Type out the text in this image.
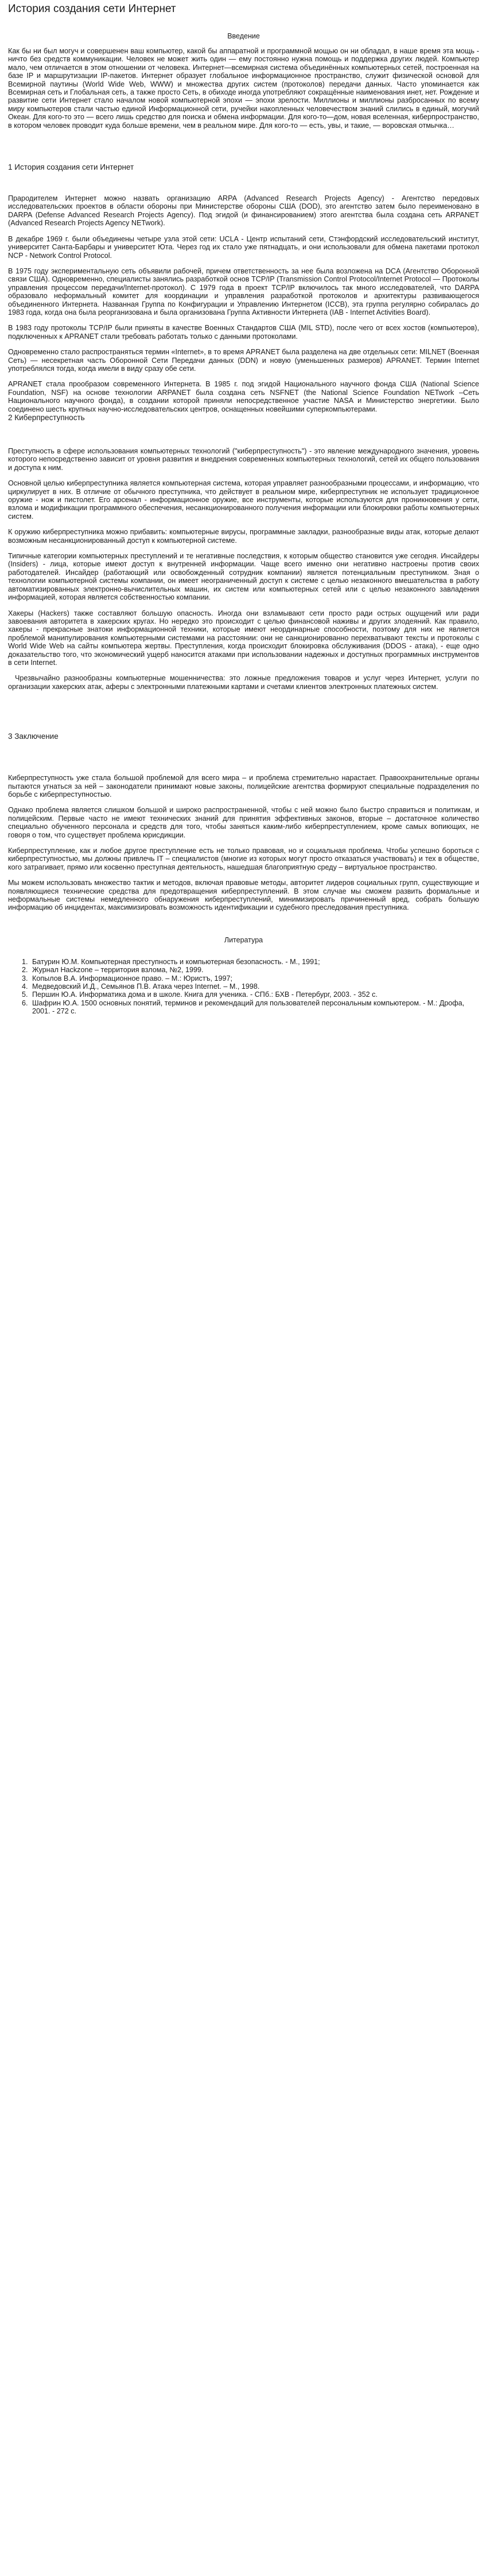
История создания сети Интернет
Введение

Как бы ни был могуч и совершенен ваш компьютер, какой бы аппаратной и программной мощью он ни обладал, в наше время эта мощь - ничто без средств коммуникации. Человек не может жить один — ему постоянно нужна помощь и поддержка других людей. Компьютер мало, чем отличается в этом отношении от человека. Интернет—всемирная система объединённых компьютерных сетей, построенная на базе IP и маршрутизации IP-пакетов. Интернет образует глобальное информационное пространство, служит физической основой для Всемирной паутины (World Wide Web, WWW) и множества других систем (протоколов) передачи данных. Часто упоминается как Всемирная сеть и Глобальная сеть, а также просто Сеть, в обиходе иногда употребляют сокращённые наименования инет, нет. Рождение и развитие сети Интернет стало началом новой компьютерной эпохи — эпохи зрелости. Миллионы и миллионы разбросанных по всему миру компьютеров стали частью единой Информационной сети, ручейки накопленных человечеством знаний слились в единый, могучий Океан. Для кого-то это — всего лишь средство для поиска и обмена информации. Для кого-то—дом, новая вселенная, киберпространство, в котором человек проводит куда больше времени, чем в реальном мире. Для кого-то — есть, увы, и такие, — воровская отмычка…

1 История создания сети Интернет

Прародителем Интернет можно назвать организацию ARPA (Advanced Research Projects Agency) - Агентство передовых исследовательских проектов в области обороны при Министерстве обороны США (DOD), это агентство затем было переименовано в DARPA (Defense Advanced Research Projects Agency). Под эгидой (и финансированием) этого агентства была создана сеть ARPANET (Advanced Research Projects Agency NETwork).

В декабре 1969 г. были объединены четыре узла этой сети: UCLA - Центр испытаний сети, Стэнфордский исследовательский институт, университет Санта-Барбары и университет Юта. Через год их стало уже пятнадцать, и они использовали для обмена пакетами протокол NCP - Network Control Protocol.

В 1975 году экспериментальную сеть объявили рабочей, причем ответственность за нее была возложена на DCA (Агентство Оборонной связи США). Одновременно, специалисты занялись разработкой основ TCP/IP (Transmission Control Protocol/Internet Protocol — Протоколы управления процессом передачи/Internet-протокол). С 1979 года в проект TCP/IP включилось так много исследователей, что DARPA образовало неформальный комитет для координации и управления разработкой протоколов и архитектуры развивающегося объединенного Интернета. Названная Группа по Конфигурации и Управлению Интернетом (ICCB), эта группа регулярно собиралась до 1983 года, когда она была реорганизована и была организована Группа Активности Интернета (IAB - Internet Activities Board).

В 1983 году протоколы TCP/IP были приняты в качестве Военных Стандартов США (MIL STD), после чего от всех хостов (компьютеров), подключенных к APRANET стали требовать работать только с данными протоколами.

Одновременно стало распространяться термин «Internet», в то время APRANET была разделена на две отдельных сети: MILNET (Военная Сеть) — несекретная часть Оборонной Сети Передачи данных (DDN) и новую (уменьшенных размеров) APRANET. Термин Internet употреблялся тогда, когда имели в виду сразу обе сети.

APRANET стала прообразом современного Интернета. В 1985 г. под эгидой Национального научного фонда США (National Science Foundation, NSF) на основе технологии ARPANET была создана сеть NSFNET (the National Science Foundation NETwork –Сеть Национального научного фонда), в создании которой приняли непосредственное участие NASA и Министерство энергетики. Было соединено шесть крупных научно-исследовательских центров, оснащенных новейшими суперкомпьютерами.

2 Киберпреступность

Преступность в сфере использования компьютерных технологий ("киберпреступность") - это явление международного значения, уровень которого непосредственно зависит от уровня развития и внедрения современных компьютерных технологий, сетей их общего пользования и доступа к ним.

Основной целью киберпреступника является компьютерная система, которая управляет разнообразными процессами, и информацию, что циркулирует в них. В отличие от обычного преступника, что действует в реальном мире, киберпреступник не использует традиционное оружие - нож и пистолет. Его арсенал - информационное оружие, все инструменты, которые используются для проникновения у сети, взлома и модификации программного обеспечения, несанкционированного получения информации или блокировки работы компьютерных систем.

К оружию киберпреступника можно прибавить: компьютерные вирусы, программные закладки, разнообразные виды атак, которые делают возможным несанкционированный доступ к компьютерной системе.

Типичные категории компьютерных преступлений и те негативные последствия, к которым общество становится уже сегодня. Инсайдеры (Insiders) - лица, которые имеют доступ к внутренней информации. Чаще всего именно они негативно настроены против своих работодателей. Инсайдер (работающий или освобожденный сотрудник компании) является потенциальным преступником. Зная о технологии компьютерной системы компании, он имеет неограниченный доступ к системе с целью незаконного вмешательства в работу автоматизированных электронно-вычислительных машин, их систем или компьютерных сетей или с целью незаконного завладения информацией, которая является собственностью компании.

Хакеры (Hackers) также составляют большую опасность. Иногда они взламывают сети просто ради острых ощущений или ради завоевания авторитета в хакерских кругах. Но нередко это происходит с целью финансовой наживы и других злодеяний. Как правило, хакеры - прекрасные знатоки информационной техники, которые имеют неординарные способности, поэтому для них не является проблемой манипулирования компьютерными системами на расстоянии: они не санкционированно перехватывают тексты и протоколы с World Wide Web на сайты компьютера жертвы. Преступления, когда происходит блокировка обслуживания (DDOS - атака), - еще одно доказательство того, что экономический ущерб наносится атаками при использовании надежных и доступных программных инструментов в сети Internet.

Чрезвычайно разнообразны компьютерные мошенничества: это ложные предложения товаров и услуг через Интернет, услуги по организации хакерских атак, аферы с электронными платежными картами и счетами клиентов электронных платежных систем.

3 Заключение

Киберпреступность уже стала большой проблемой для всего мира – и проблема стремительно нарастает. Правоохранительные органы пытаются угнаться за ней – законодатели принимают новые законы, полицейские агентства формируют специальные подразделения по борьбе с киберпреступностью.

Однако проблема является слишком большой и широко распространенной, чтобы с ней можно было быстро справиться и политикам, и полицейским. Первые часто не имеют технических знаний для принятия эффективных законов, вторые – достаточное количество специально обученного персонала и средств для того, чтобы заняться каким-либо киберпреступлением, кроме самых вопиющих, не говоря о том, что существует проблема юрисдикции.

Киберпреступление, как и любое другое преступление есть не только правовая, но и социальная проблема. Чтобы успешно бороться с киберпреступностью, мы должны привлечь IT – специалистов (многие из которых могут просто отказаться участвовать) и тех в обществе, кого затрагивает, прямо или косвенно преступная деятельность, нашедшая благоприятную среду – виртуальное пространство.

Мы можем использовать множество тактик и методов, включая правовые методы, авторитет лидеров социальных групп, существующие и появляющиеся технические средства для предотвращения киберпреступлений. В этом случае мы сможем развить формальные и неформальные системы немедленного обнаружения киберпреступлений, минимизировать причиненный вред, собрать большую информацию об инцидентах, максимизировать возможность идентификации и судебного преследования преступника.

Литература
1. Батурин Ю.М. Компьютерная преступность и компьютерная безопасность. - М., 1991;
2. Журнал Hackzone – территория взлома, №2, 1999.
3. Копылов В.А. Информационное право. – М.: Юристъ, 1997;
4. Медведовский И.Д., Семьянов П.В. Атака через Internet. – М., 1998.
5. Першин Ю.А. Информатика дома и в школе. Книга для ученика. - СПб.: БХВ - Петербург, 2003. - 352 с.
6. Шафрин Ю.А. 1500 основных понятий, терминов и рекомендаций для пользователей персональным компьютером. - М.: Дрофа, 2001. - 272 с.
